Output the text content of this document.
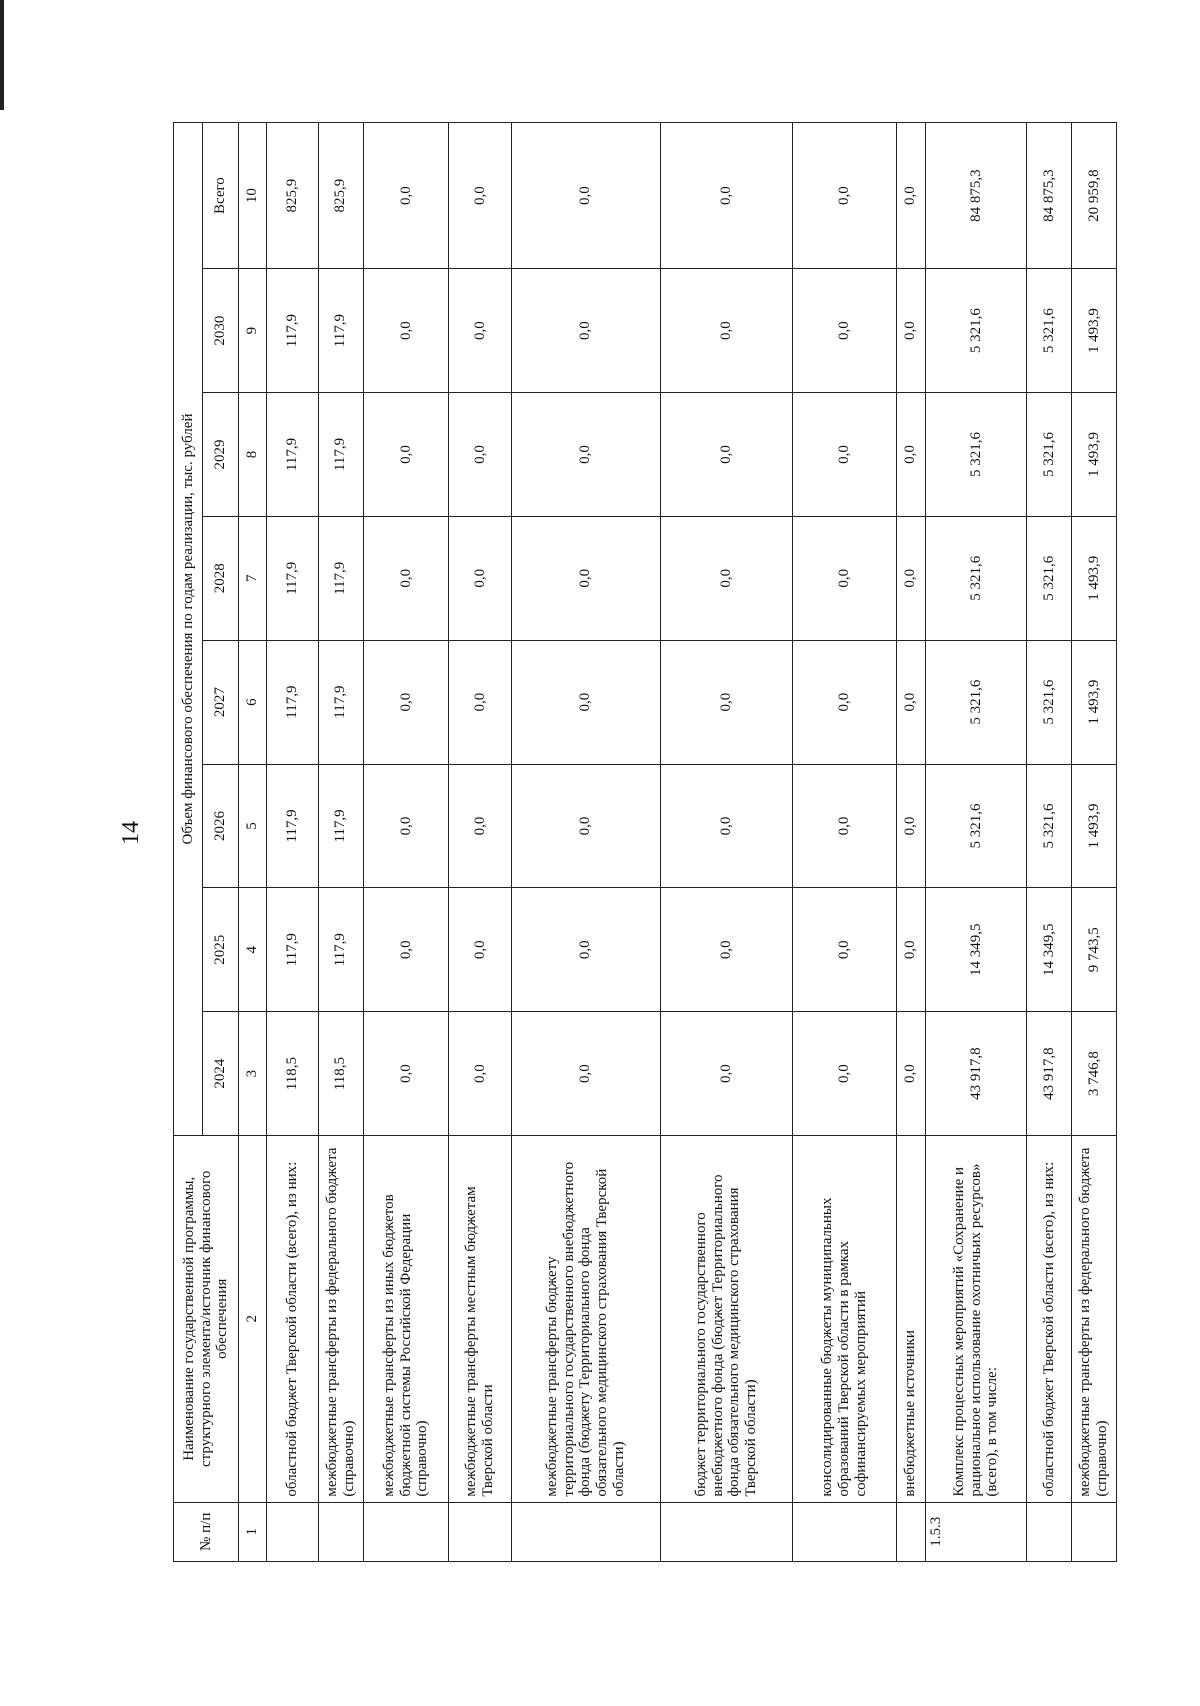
14
№ п/п	Наименование государственной программы, структурного элемента/источник финансового обеспечения	Объем финансового обеспечения по годам реализации, тыс. рублей							
		2024	2025	2026	2027	2028	2029	2030	Всего
1	2	3	4	5	6	7	8	9	10
	областной бюджет Тверской области (всего), из них:	118,5	117,9	117,9	117,9	117,9	117,9	117,9	825,9
	межбюджетные трансферты из федерального бюджета (справочно)	118,5	117,9	117,9	117,9	117,9	117,9	117,9	825,9
	межбюджетные трансферты из иных бюджетов бюджетной системы Российской Федерации (справочно)	0,0	0,0	0,0	0,0	0,0	0,0	0,0	0,0
	межбюджетные трансферты местным бюджетам Тверской области	0,0	0,0	0,0	0,0	0,0	0,0	0,0	0,0
	межбюджетные трансферты бюджету территориального государственного внебюджетного фонда (бюджету Территориального фонда обязательного медицинского страхования Тверской области)	0,0	0,0	0,0	0,0	0,0	0,0	0,0	0,0
	бюджет территориального государственного внебюджетного фонда (бюджет Территориального фонда обязательного медицинского страхования Тверской области)	0,0	0,0	0,0	0,0	0,0	0,0	0,0	0,0
	консолидированные бюджеты муниципальных образований Тверской области в рамках софинансируемых мероприятий	0,0	0,0	0,0	0,0	0,0	0,0	0,0	0,0
	внебюджетные источники	0,0	0,0	0,0	0,0	0,0	0,0	0,0	0,0
1.5.3	Комплекс процессных мероприятий «Сохранение и рациональное использование охотничьих ресурсов» (всего), в том числе:	43 917,8	14 349,5	5 321,6	5 321,6	5 321,6	5 321,6	5 321,6	84 875,3
	областной бюджет Тверской области (всего), из них:	43 917,8	14 349,5	5 321,6	5 321,6	5 321,6	5 321,6	5 321,6	84 875,3
	межбюджетные трансферты из федерального бюджета (справочно)	3 746,8	9 743,5	1 493,9	1 493,9	1 493,9	1 493,9	1 493,9	20 959,8
